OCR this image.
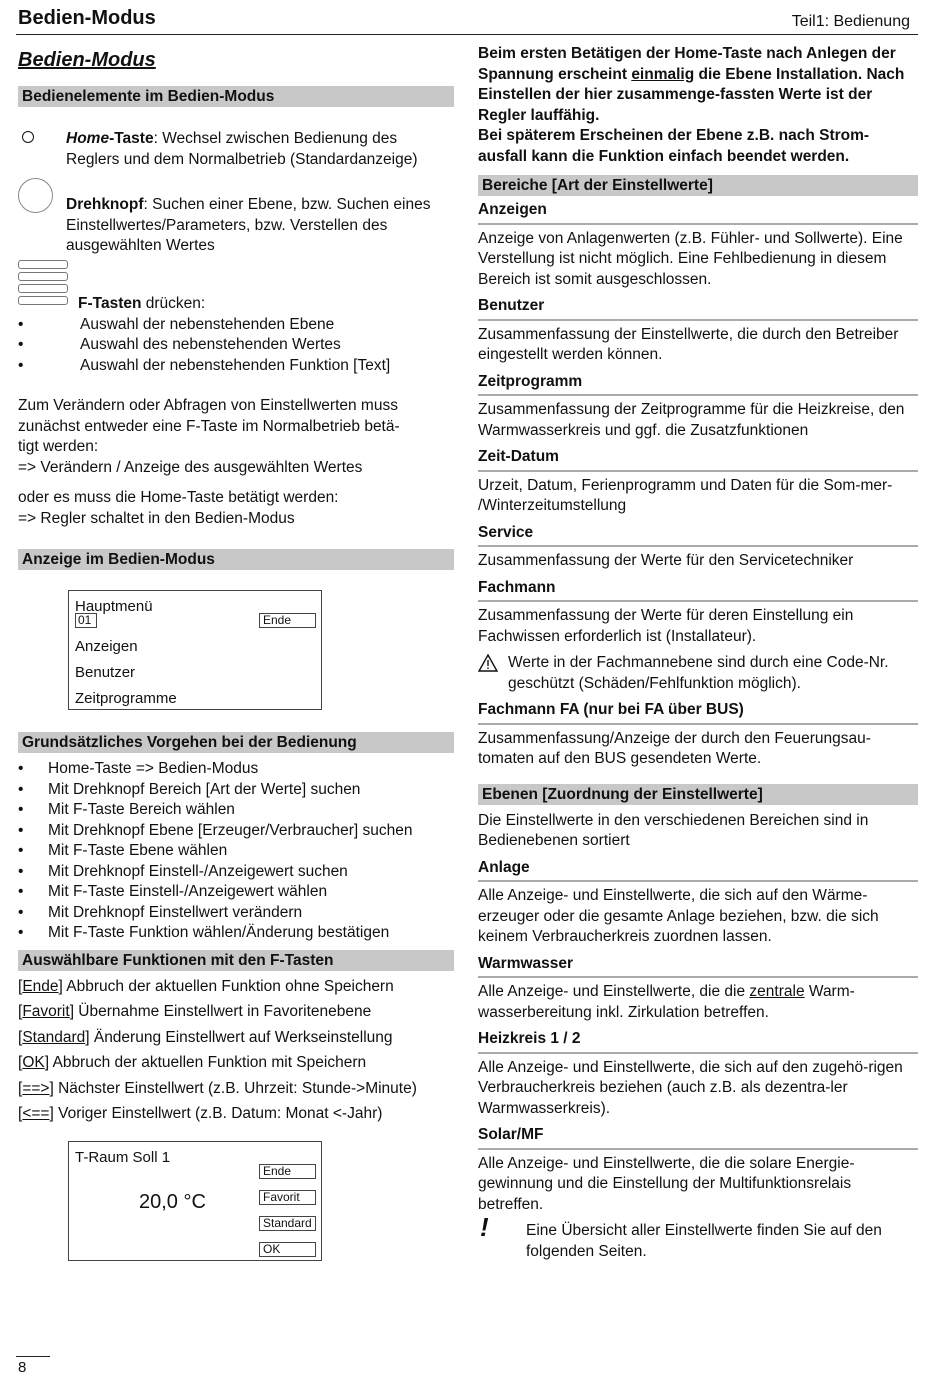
Bedien-Modus	Teil1: Bedienung
Bedien-Modus
Bedienelemente im Bedien-Modus
Home-Taste: Wechsel zwischen Bedienung des Reglers und dem Normalbetrieb (Standardanzeige)
Drehknopf: Suchen einer Ebene, bzw. Suchen eines Einstellwertes/Parameters, bzw. Verstellen des ausgewählten Wertes
F-Tasten drücken:
• Auswahl der nebenstehenden Ebene
• Auswahl des nebenstehenden Wertes
• Auswahl der nebenstehenden Funktion [Text]

Zum Verändern oder Abfragen von Einstellwerten muss zunächst entweder eine F-Taste im Normalbetrieb betä-

tigt werden:

=> Verändern / Anzeige des ausgewählten Wertes

oder es muss die Home-Taste betätigt werden:

=> Regler schaltet in den Bedien-Modus

Anzeige im Bedien-Modus
Hauptmenü
01	Ende
Anzeigen
Benutzer
Zeitprogramme
Grundsätzliches Vorgehen bei der Bedienung
• Home-Taste => Bedien-Modus
• Mit Drehknopf Bereich [Art der Werte] suchen
• Mit F-Taste Bereich wählen
• Mit Drehknopf Ebene [Erzeuger/Verbraucher] suchen
• Mit F-Taste Ebene wählen
• Mit Drehknopf Einstell-/Anzeigewert suchen
• Mit F-Taste Einstell-/Anzeigewert wählen
• Mit Drehknopf Einstellwert verändern
• Mit F-Taste Funktion wählen/Änderung bestätigen
Auswählbare Funktionen mit den F-Tasten

[Ende] Abbruch der aktuellen Funktion ohne Speichern

[Favorit] Übernahme Einstellwert in Favoritenebene

[Standard] Änderung Einstellwert auf Werkseinstellung

[OK] Abbruch der aktuellen Funktion mit Speichern

[==>] Nächster Einstellwert (z.B. Uhrzeit: Stunde->Minute)

[<==] Voriger Einstellwert (z.B. Datum: Monat <-Jahr)

T-Raum Soll 1
20,0 °C
Ende
Favorit
Standard
OK
Beim ersten Betätigen der Home-Taste nach Anlegen der Spannung erscheint einmalig die Ebene Installation. Nach Einstellen der hier zusammenge-fassten Werte ist der Regler lauffähig.
Bei späterem Erscheinen der Ebene z.B. nach Strom-ausfall kann die Funktion einfach beendet werden.
Bereiche [Art der Einstellwerte]
Anzeigen

Anzeige von Anlagenwerten (z.B. Fühler- und Sollwerte). Eine Verstellung ist nicht möglich. Eine Fehlbedienung in diesem Bereich ist somit ausgeschlossen.

Benutzer

Zusammenfassung der Einstellwerte, die durch den Betreiber eingestellt werden können.

Zeitprogramm

Zusammenfassung der Zeitprogramme für die Heizkreise, den Warmwasserkreis und ggf. die Zusatzfunktionen

Zeit-Datum

Urzeit, Datum, Ferienprogramm und Daten für die Som-mer- /Winterzeitumstellung

Service

Zusammenfassung der Werte für den Servicetechniker

Fachmann

Zusammenfassung der Werte für deren Einstellung ein Fachwissen erforderlich ist (Installateur).

Werte in der Fachmannebene sind durch eine Code-Nr. geschützt (Schäden/Fehlfunktion möglich).
Fachmann FA (nur bei FA über BUS)

Zusammenfassung/Anzeige der durch den Feuerungsau-tomaten auf den BUS gesendeten Werte.

Ebenen [Zuordnung der Einstellwerte]

Die Einstellwerte in den verschiedenen Bereichen sind in Bedienebenen sortiert

Anlage

Alle Anzeige- und Einstellwerte, die sich auf den Wärme-erzeuger oder die gesamte Anlage beziehen, bzw. die sich keinem Verbraucherkreis zuordnen lassen.

Warmwasser

Alle Anzeige- und Einstellwerte, die die zentrale Warm-wasserbereitung inkl. Zirkulation betreffen.

Heizkreis 1 / 2

Alle Anzeige- und Einstellwerte, die sich auf den zugehö-rigen Verbraucherkreis beziehen (auch z.B. als dezentra-ler Warmwasserkreis).

Solar/MF

Alle Anzeige- und Einstellwerte, die die solare Energie-gewinnung und die Einstellung der Multifunktionsrelais betreffen.

! Eine Übersicht aller Einstellwerte finden Sie auf den folgenden Seiten.
8
